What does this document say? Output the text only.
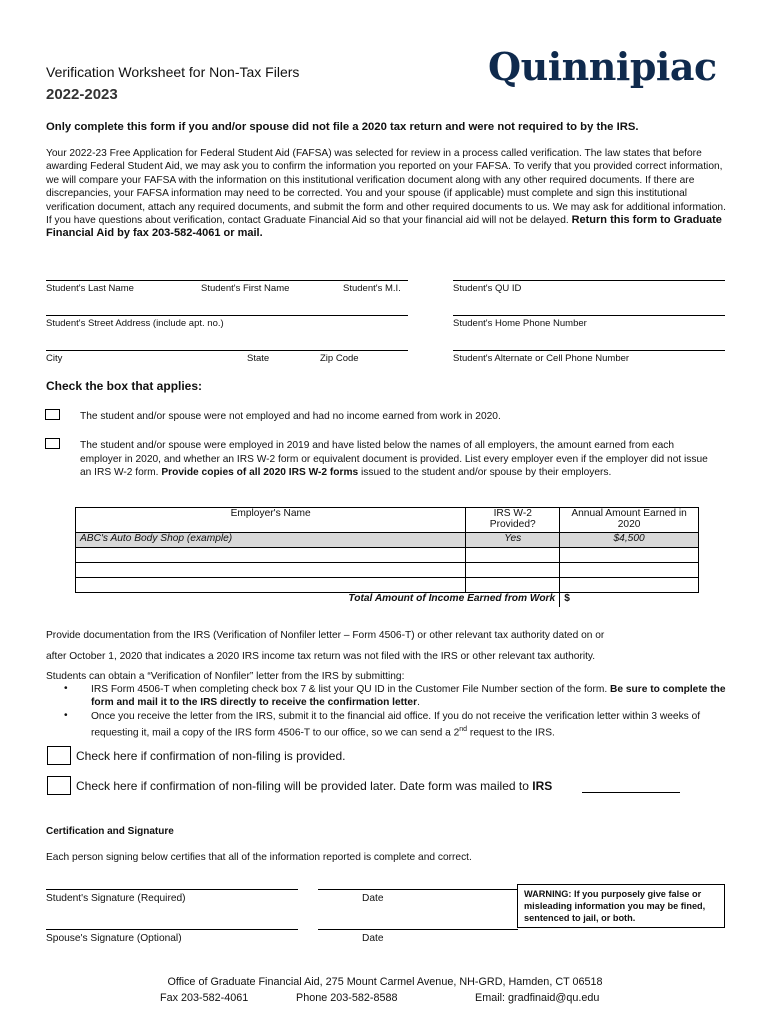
Verification Worksheet for Non-Tax Filers
2022-2023
Quinnipiac
Only complete this form if you and/or spouse did not file a 2020 tax return and were not required to by the IRS.
Your 2022-23 Free Application for Federal Student Aid (FAFSA) was selected for review in a process called verification. The law states that before awarding Federal Student Aid, we may ask you to confirm the information you reported on your FAFSA. To verify that you provided correct information, we will compare your FAFSA with the information on this institutional verification document along with any other required documents. If there are discrepancies, your FAFSA information may need to be corrected. You and your spouse (if applicable) must complete and sign this institutional verification document, attach any required documents, and submit the form and other required documents to us. We may ask for additional information. If you have questions about verification, contact Graduate Financial Aid so that your financial aid will not be delayed. Return this form to Graduate Financial Aid by fax 203-582-4061 or mail.
Student's Last Name	Student's First Name	Student's M.I.	Student's QU ID
Student's Street Address (include apt. no.)	Student's Home Phone Number
City	State	Zip Code	Student's Alternate or Cell Phone Number
Check the box that applies:
The student and/or spouse were not employed and had no income earned from work in 2020.
The student and/or spouse were employed in 2019 and have listed below the names of all employers, the amount earned from each employer in 2020, and whether an IRS W-2 form or equivalent document is provided. List every employer even if the employer did not issue an IRS W-2 form. Provide copies of all 2020 IRS W-2 forms issued to the student and/or spouse by their employers.
Employer's Name	IRS W-2 Provided?	Annual Amount Earned in 2020
ABC's Auto Body Shop (example)	Yes	$4,500

Total Amount of Income Earned from Work		$
Provide documentation from the IRS (Verification of Nonfiler letter – Form 4506-T) or other relevant tax authority dated on or
after October 1, 2020 that indicates a 2020 IRS income tax return was not filed with the IRS or other relevant tax authority.
Students can obtain a “Verification of Nonfiler” letter from the IRS by submitting:
• IRS Form 4506-T when completing check box 7 & list your QU ID in the Customer File Number section of the form. Be sure to complete the form and mail it to the IRS directly to receive the confirmation letter.
• Once you receive the letter from the IRS, submit it to the financial aid office. If you do not receive the verification letter within 3 weeks of requesting it, mail a copy of the IRS form 4506-T to our office, so we can send a 2nd request to the IRS.
Check here if confirmation of non-filing is provided.
Check here if confirmation of non-filing will be provided later. Date form was mailed to IRS
Certification and Signature
Each person signing below certifies that all of the information reported is complete and correct.
Student's Signature (Required)	Date
Spouse's Signature (Optional)	Date
WARNING: If you purposely give false or misleading information you may be fined, sentenced to jail, or both.
Office of Graduate Financial Aid, 275 Mount Carmel Avenue, NH-GRD, Hamden, CT 06518
Fax 203-582-4061	Phone 203-582-8588	Email: gradfinaid@qu.edu
